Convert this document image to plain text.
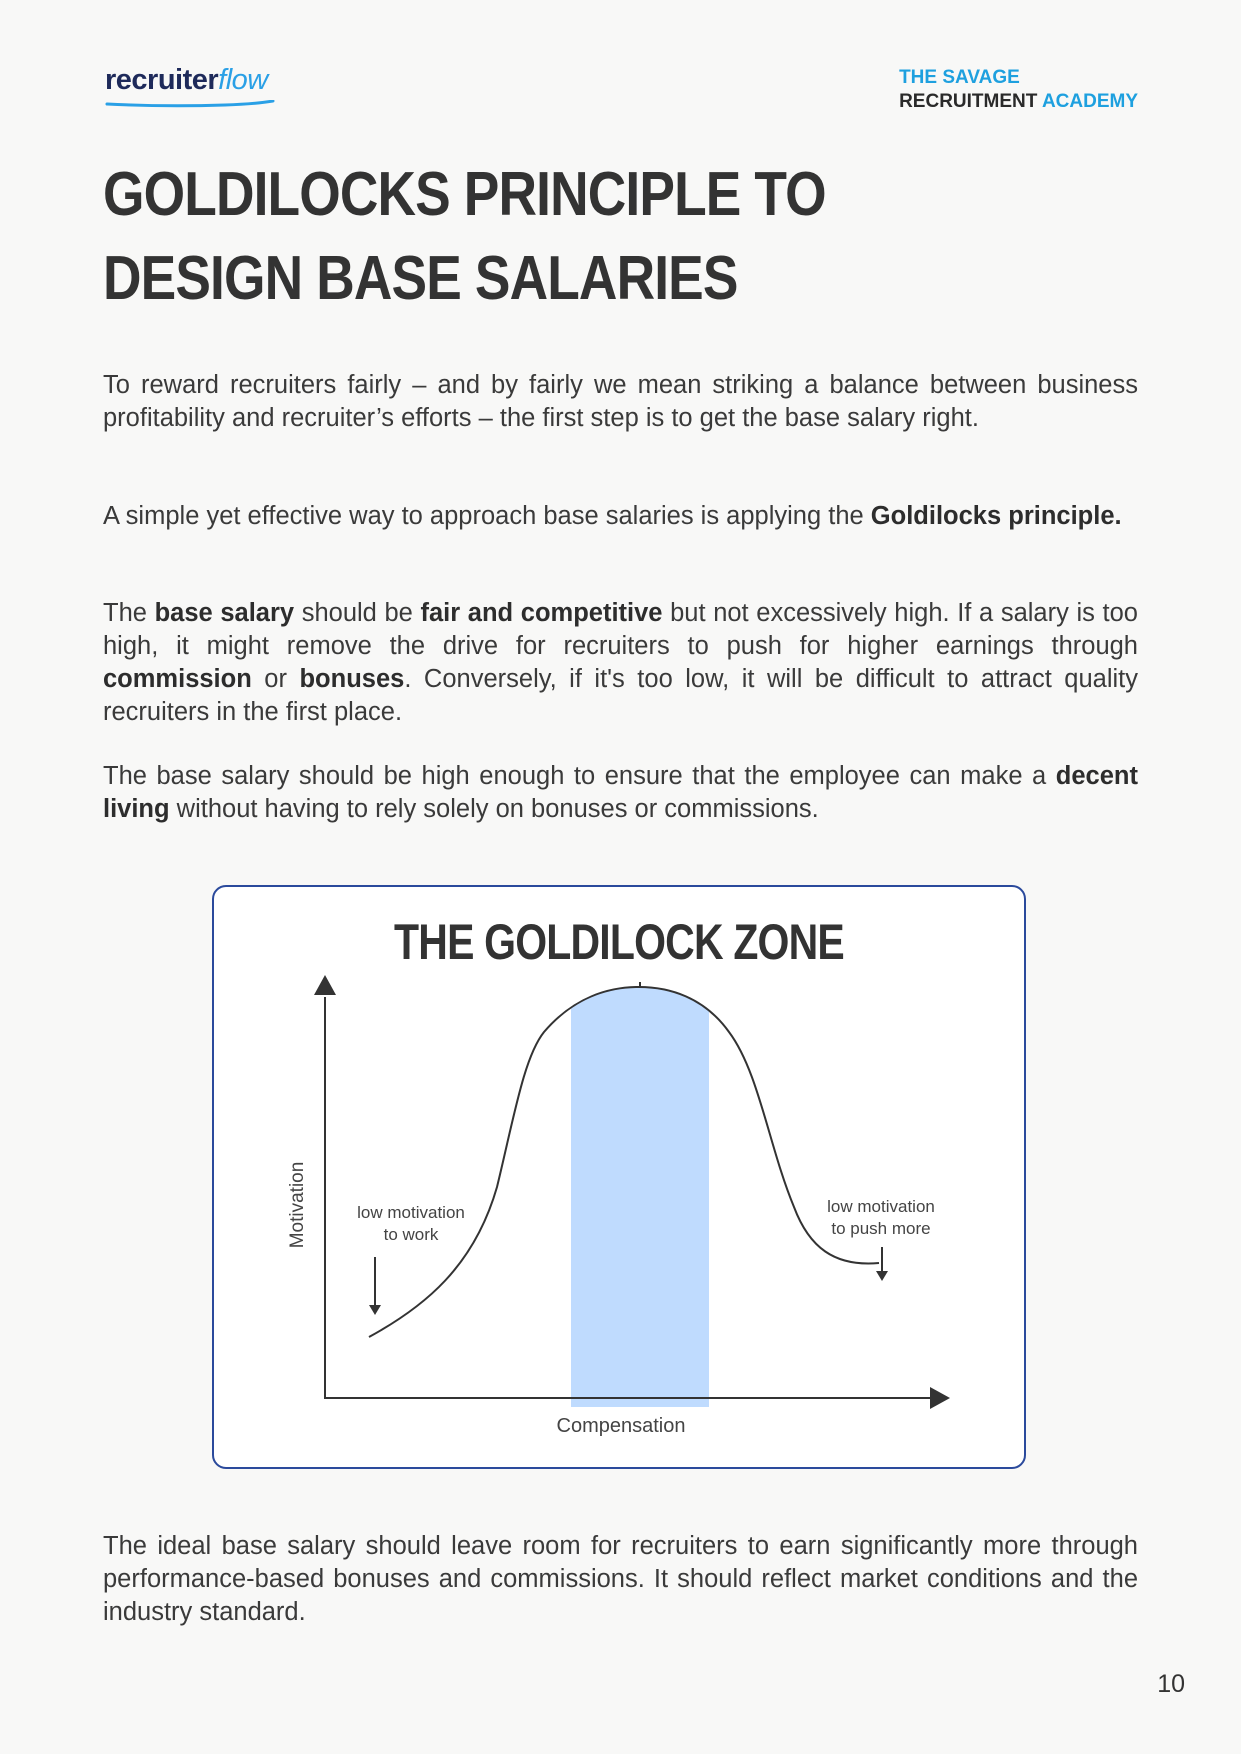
recruiterflow	THE SAVAGE
RECRUITMENT ACADEMY
GOLDILOCKS PRINCIPLE TO DESIGN BASE SALARIES

To reward recruiters fairly – and by fairly we mean striking a balance between business profitability and recruiter’s efforts – the first step is to get the base salary right.

A simple yet effective way to approach base salaries is applying the Goldilocks principle.

The base salary should be fair and competitive but not excessively high. If a salary is too high, it might remove the drive for recruiters to push for higher earnings through commission or bonuses. Conversely, if it's too low, it will be difficult to attract quality recruiters in the first place.

The base salary should be high enough to ensure that the employee can make a decent living without having to rely solely on bonuses or commissions.

THE GOLDILOCK ZONE
Motivation
Compensation
low motivation
to work
low motivation
to push more

The ideal base salary should leave room for recruiters to earn significantly more through performance-based bonuses and commissions. It should reflect market conditions and the industry standard.

10
